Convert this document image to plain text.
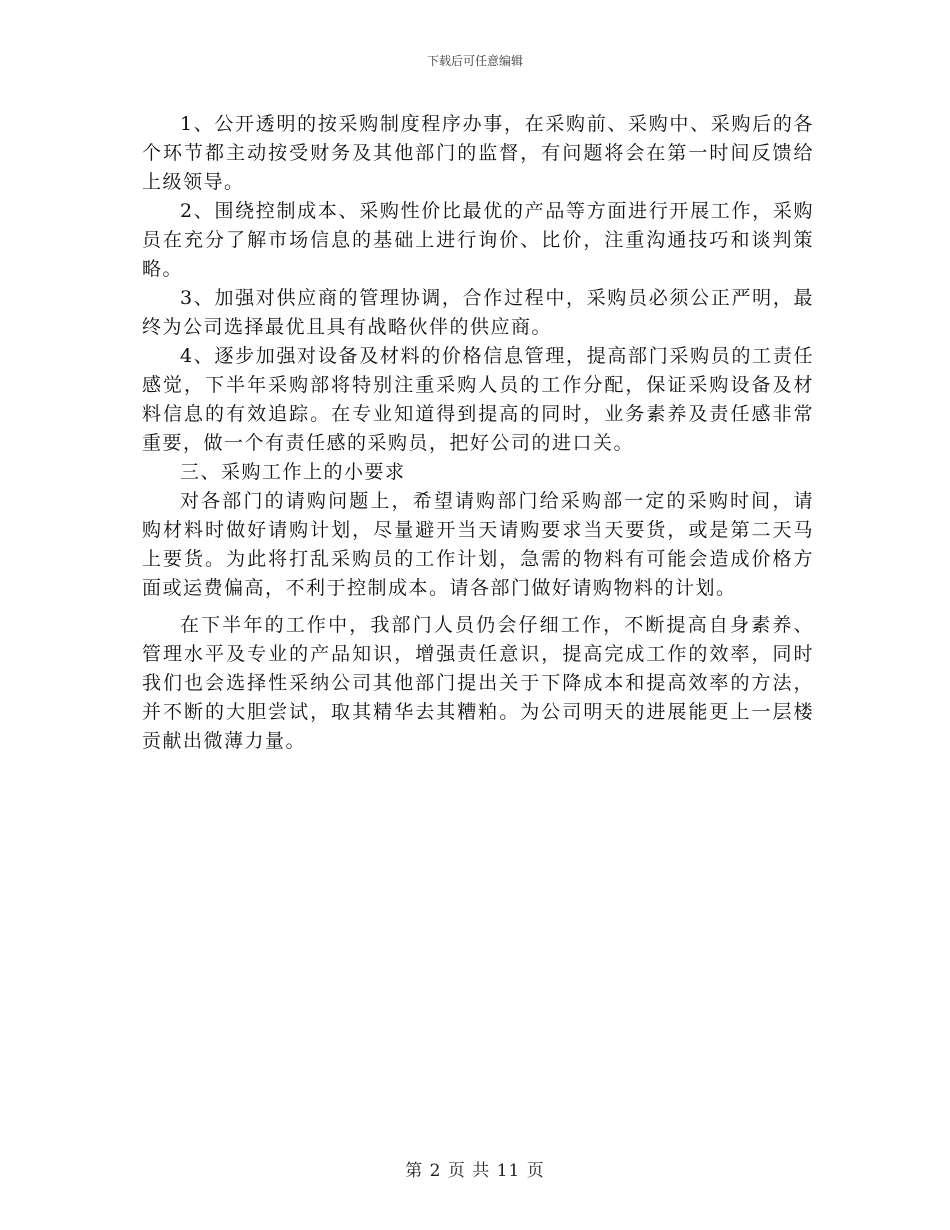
下载后可任意编辑

1、公开透明的按采购制度程序办事，在采购前、采购中、采购后的各个环节都主动按受财务及其他部门的监督，有问题将会在第一时间反馈给上级领导。

2、围绕控制成本、采购性价比最优的产品等方面进行开展工作，采购员在充分了解市场信息的基础上进行询价、比价，注重沟通技巧和谈判策略。

3、加强对供应商的管理协调，合作过程中，采购员必须公正严明，最终为公司选择最优且具有战略伙伴的供应商。

4、逐步加强对设备及材料的价格信息管理，提高部门采购员的工责任感觉，下半年采购部将特别注重采购人员的工作分配，保证采购设备及材料信息的有效追踪。在专业知道得到提高的同时，业务素养及责任感非常重要，做一个有责任感的采购员，把好公司的进口关。

三、采购工作上的小要求

对各部门的请购问题上，希望请购部门给采购部一定的采购时间，请购材料时做好请购计划，尽量避开当天请购要求当天要货，或是第二天马上要货。为此将打乱采购员的工作计划，急需的物料有可能会造成价格方面或运费偏高，不利于控制成本。请各部门做好请购物料的计划。

在下半年的工作中，我部门人员仍会仔细工作，不断提高自身素养、管理水平及专业的产品知识，增强责任意识，提高完成工作的效率，同时我们也会选择性采纳公司其他部门提出关于下降成本和提高效率的方法，并不断的大胆尝试，取其精华去其糟粕。为公司明天的进展能更上一层楼贡献出微薄力量。

第 2 页 共 11 页
